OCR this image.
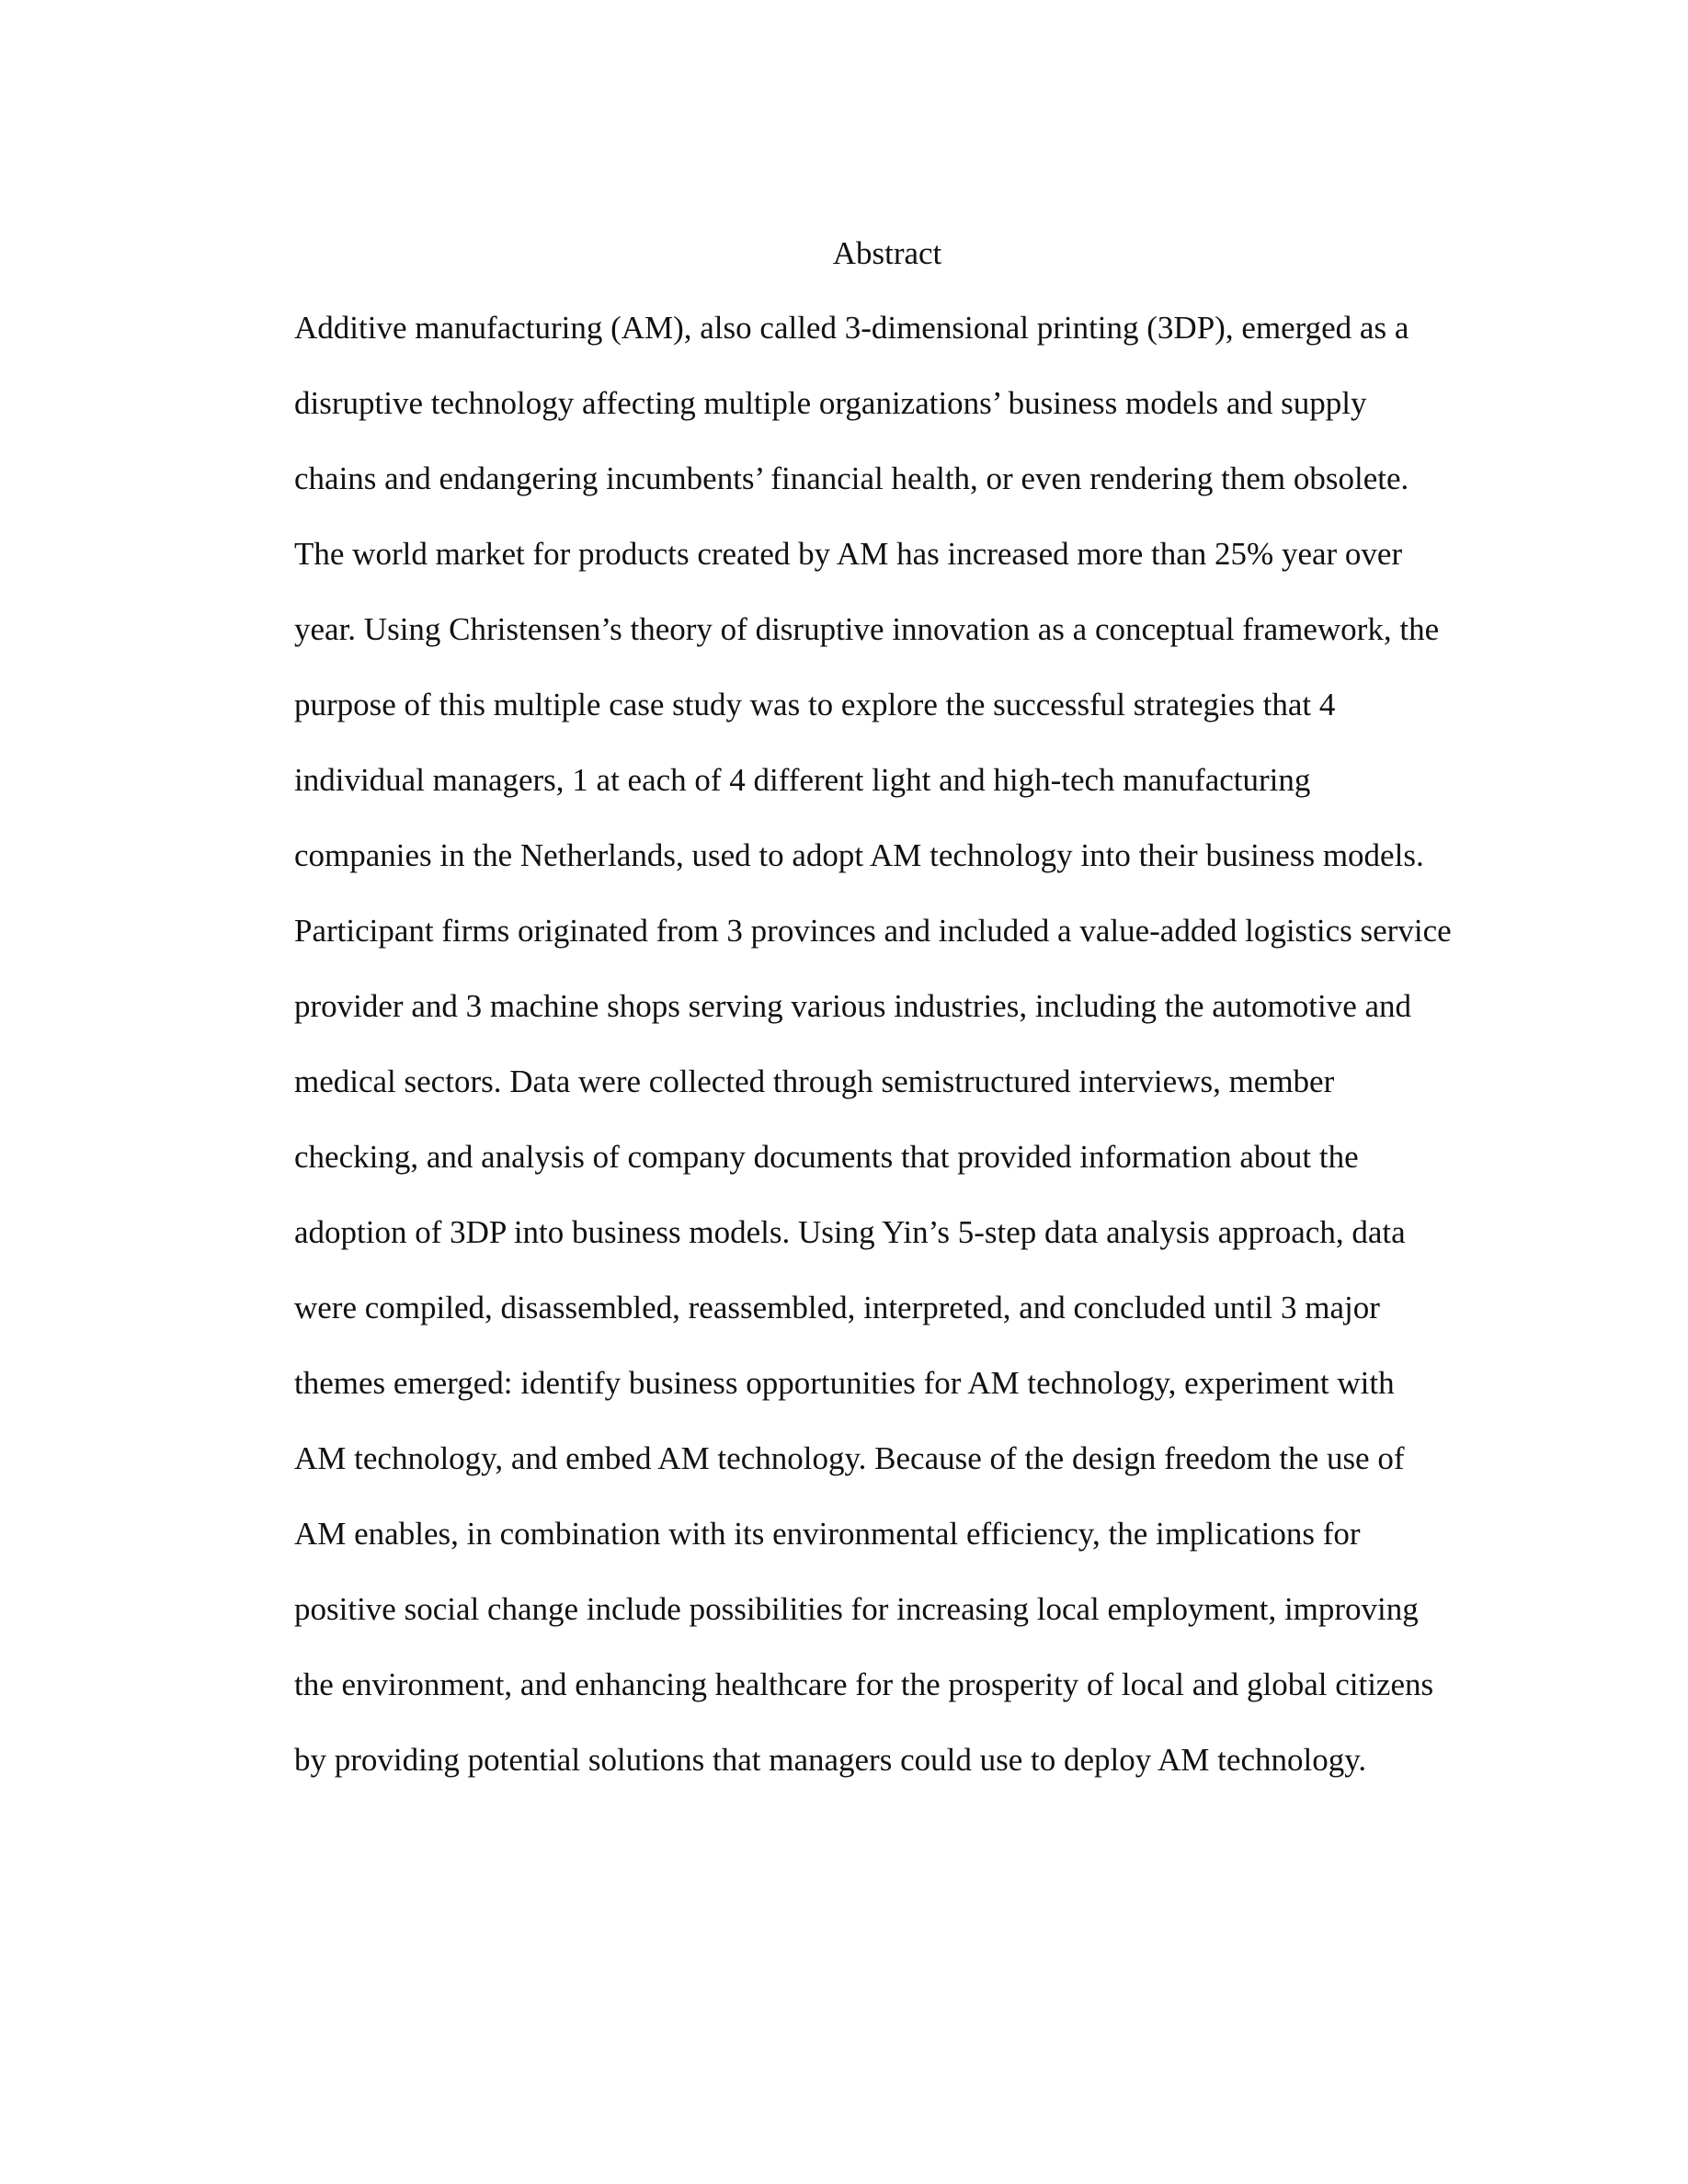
Abstract
Additive manufacturing (AM), also called 3-dimensional printing (3DP), emerged as a
disruptive technology affecting multiple organizations’ business models and supply
chains and endangering incumbents’ financial health, or even rendering them obsolete.
The world market for products created by AM has increased more than 25% year over
year. Using Christensen’s theory of disruptive innovation as a conceptual framework, the
purpose of this multiple case study was to explore the successful strategies that 4
individual managers, 1 at each of 4 different light and high-tech manufacturing
companies in the Netherlands, used to adopt AM technology into their business models.
Participant firms originated from 3 provinces and included a value-added logistics service
provider and 3 machine shops serving various industries, including the automotive and
medical sectors. Data were collected through semistructured interviews, member
checking, and analysis of company documents that provided information about the
adoption of 3DP into business models. Using Yin’s 5-step data analysis approach, data
were compiled, disassembled, reassembled, interpreted, and concluded until 3 major
themes emerged: identify business opportunities for AM technology, experiment with
AM technology, and embed AM technology. Because of the design freedom the use of
AM enables, in combination with its environmental efficiency, the implications for
positive social change include possibilities for increasing local employment, improving
the environment, and enhancing healthcare for the prosperity of local and global citizens
by providing potential solutions that managers could use to deploy AM technology.
